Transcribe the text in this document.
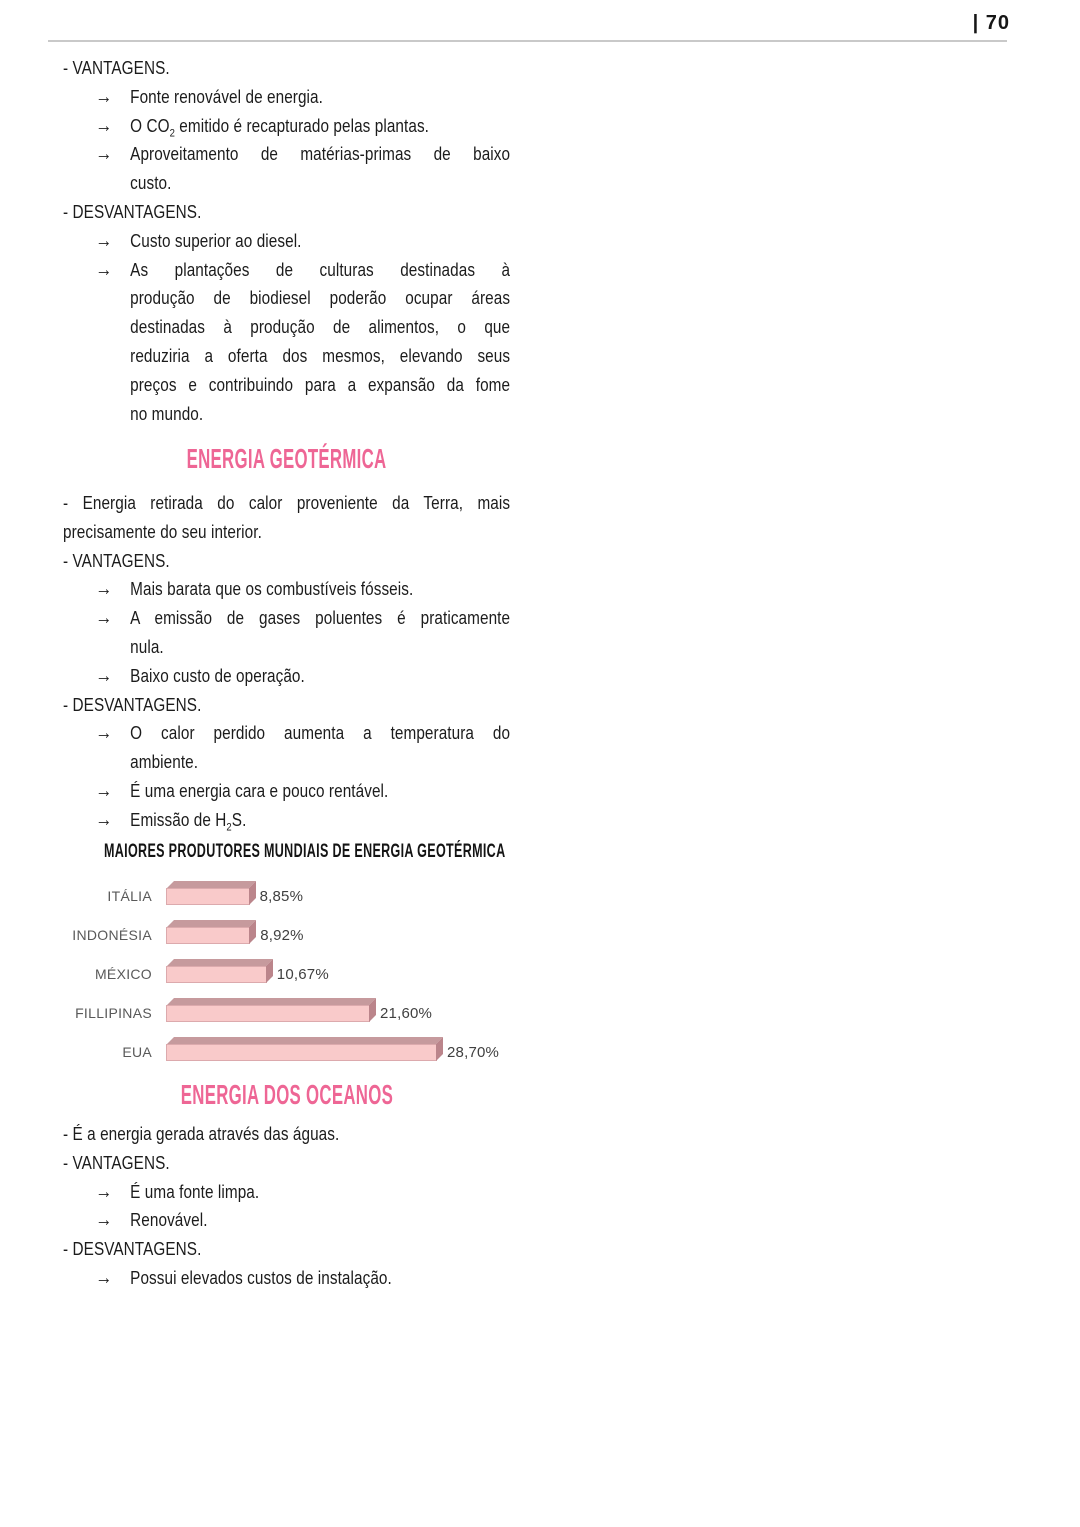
| 70
- VANTAGENS.
→ Fonte renovável de energia.
→ O $CO_2$ emitido é recapturado pelas plantas.
→ Aproveitamento de matérias-primas de baixo
custo.
- DESVANTAGENS.
→ Custo superior ao diesel.
→ As plantações de culturas destinadas à
produção de biodiesel poderão ocupar áreas
destinadas à produção de alimentos, o que
reduziria a oferta dos mesmos, elevando seus
preços e contribuindo para a expansão da fome
no mundo.
ENERGIA GEOTÉRMICA
- Energia retirada do calor proveniente da Terra, mais
precisamente do seu interior.
- VANTAGENS.
→ Mais barata que os combustíveis fósseis.
→ A emissão de gases poluentes é praticamente
nula.
→ Baixo custo de operação.
- DESVANTAGENS.
→ O calor perdido aumenta a temperatura do
ambiente.
→ É uma energia cara e pouco rentável.
→ Emissão de $H_2S$.
MAIORES PRODUTORES MUNDIAIS DE ENERGIA GEOTÉRMICA
ITÁLIA	8,85%
INDONÉSIA	8,92%
MÉXICO	10,67%
FILLIPINAS	21,60%
EUA	28,70%
ENERGIA DOS OCEANOS
- É a energia gerada através das águas.
- VANTAGENS.
→ É uma fonte limpa.
→ Renovável.
- DESVANTAGENS.
→ Possui elevados custos de instalação.
